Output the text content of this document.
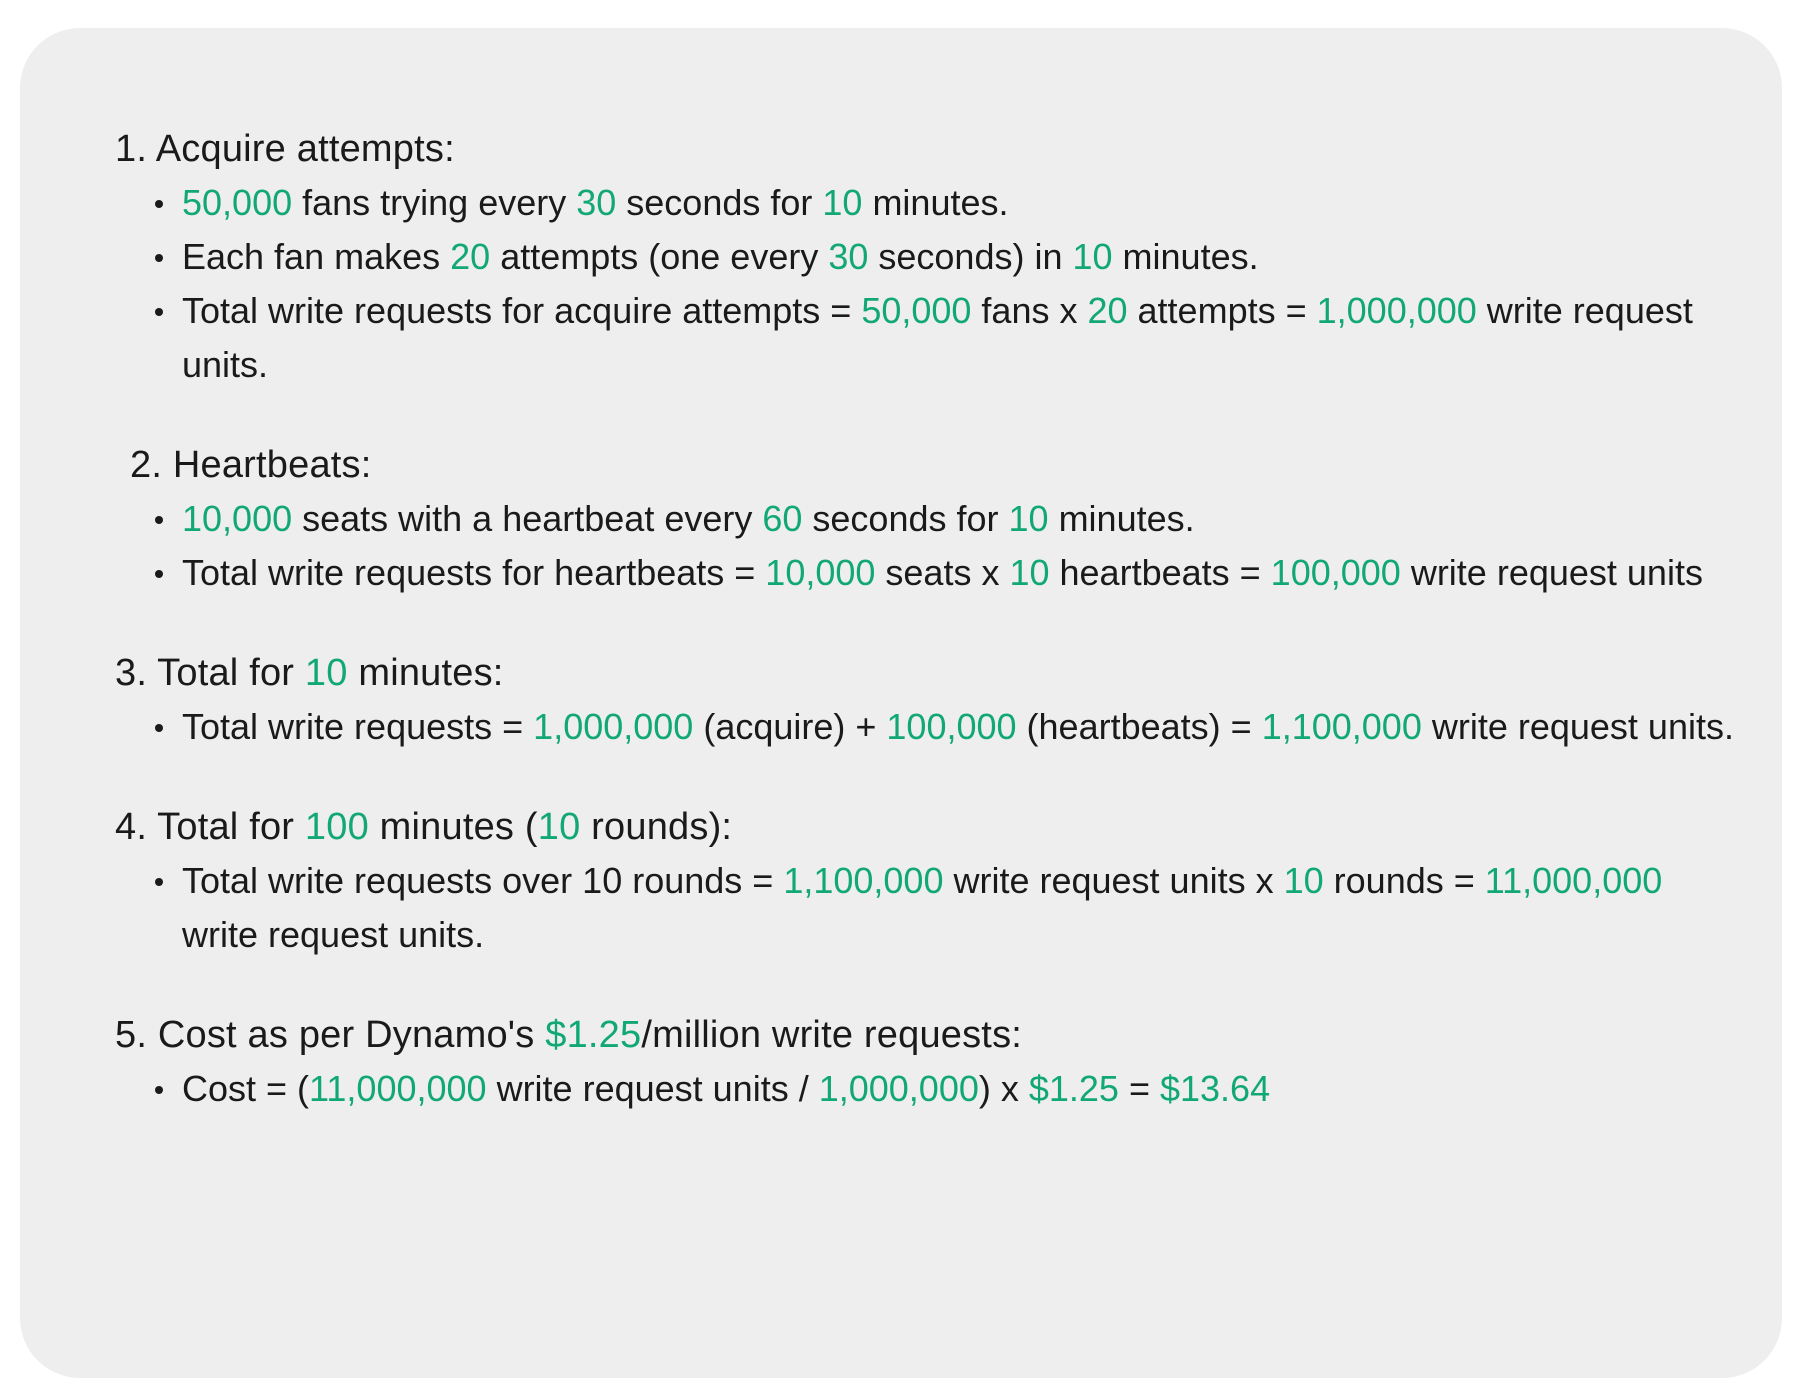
1. Acquire attempts:
50,000 fans trying every 30 seconds for 10 minutes.
Each fan makes 20 attempts (one every 30 seconds) in 10 minutes.
Total write requests for acquire attempts = 50,000 fans x 20 attempts = 1,000,000 write request units.
2. Heartbeats:
10,000 seats with a heartbeat every 60 seconds for 10 minutes.
Total write requests for heartbeats = 10,000 seats x 10 heartbeats = 100,000 write request units
3. Total for 10 minutes:
Total write requests = 1,000,000 (acquire) + 100,000 (heartbeats) = 1,100,000 write request units.
4. Total for 100 minutes (10 rounds):
Total write requests over 10 rounds = 1,100,000 write request units x 10 rounds = 11,000,000 write request units.
5. Cost as per Dynamo's $1.25/million write requests:
Cost = (11,000,000 write request units / 1,000,000) x $1.25 = $13.64
